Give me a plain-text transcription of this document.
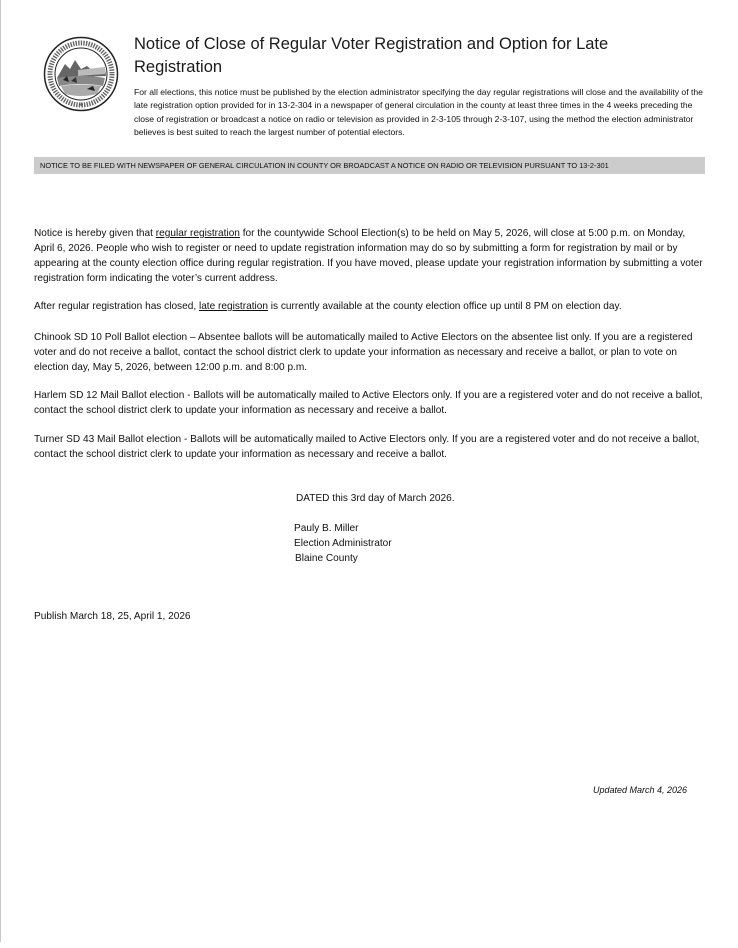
✛
Notice of Close of Regular Voter Registration and Option for Late Registration

For all elections, this notice must be published by the election administrator specifying the day regular registrations will close and the availability of the late registration option provided for in 13-2-304 in a newspaper of general circulation in the county at least three times in the 4 weeks preceding the close of registration or broadcast a notice on radio or television as provided in 2-3-105 through 2-3-107, using the method the election administrator believes is best suited to reach the largest number of potential electors.

NOTICE TO BE FILED WITH NEWSPAPER OF GENERAL CIRCULATION IN COUNTY OR BROADCAST A NOTICE ON RADIO OR TELEVISION PURSUANT TO 13-2-301

Notice is hereby given that regular registration for the countywide School Election(s) to be held on May 5, 2026, will close at 5:00 p.m. on Monday, April 6, 2026. People who wish to register or need to update registration information may do so by submitting a form for registration by mail or by appearing at the county election office during regular registration. If you have moved, please update your registration information by submitting a voter registration form indicating the voter’s current address.

After regular registration has closed, late registration is currently available at the county election office up until 8 PM on election day.

Chinook SD 10 Poll Ballot election – Absentee ballots will be automatically mailed to Active Electors on the absentee list only. If you are a registered voter and do not receive a ballot, contact the school district clerk to update your information as necessary and receive a ballot, or plan to vote on election day, May 5, 2026, between 12:00 p.m. and 8:00 p.m.

Harlem SD 12 Mail Ballot election - Ballots will be automatically mailed to Active Electors only. If you are a registered voter and do not receive a ballot, contact the school district clerk to update your information as necessary and receive a ballot.

Turner SD 43 Mail Ballot election - Ballots will be automatically mailed to Active Electors only. If you are a registered voter and do not receive a ballot, contact the school district clerk to update your information as necessary and receive a ballot.

DATED this 3rd day of March 2026.
Pauly B. Miller
Election Administrator
Blaine County
Publish March 18, 25, April 1, 2026
Updated March 4, 2026
